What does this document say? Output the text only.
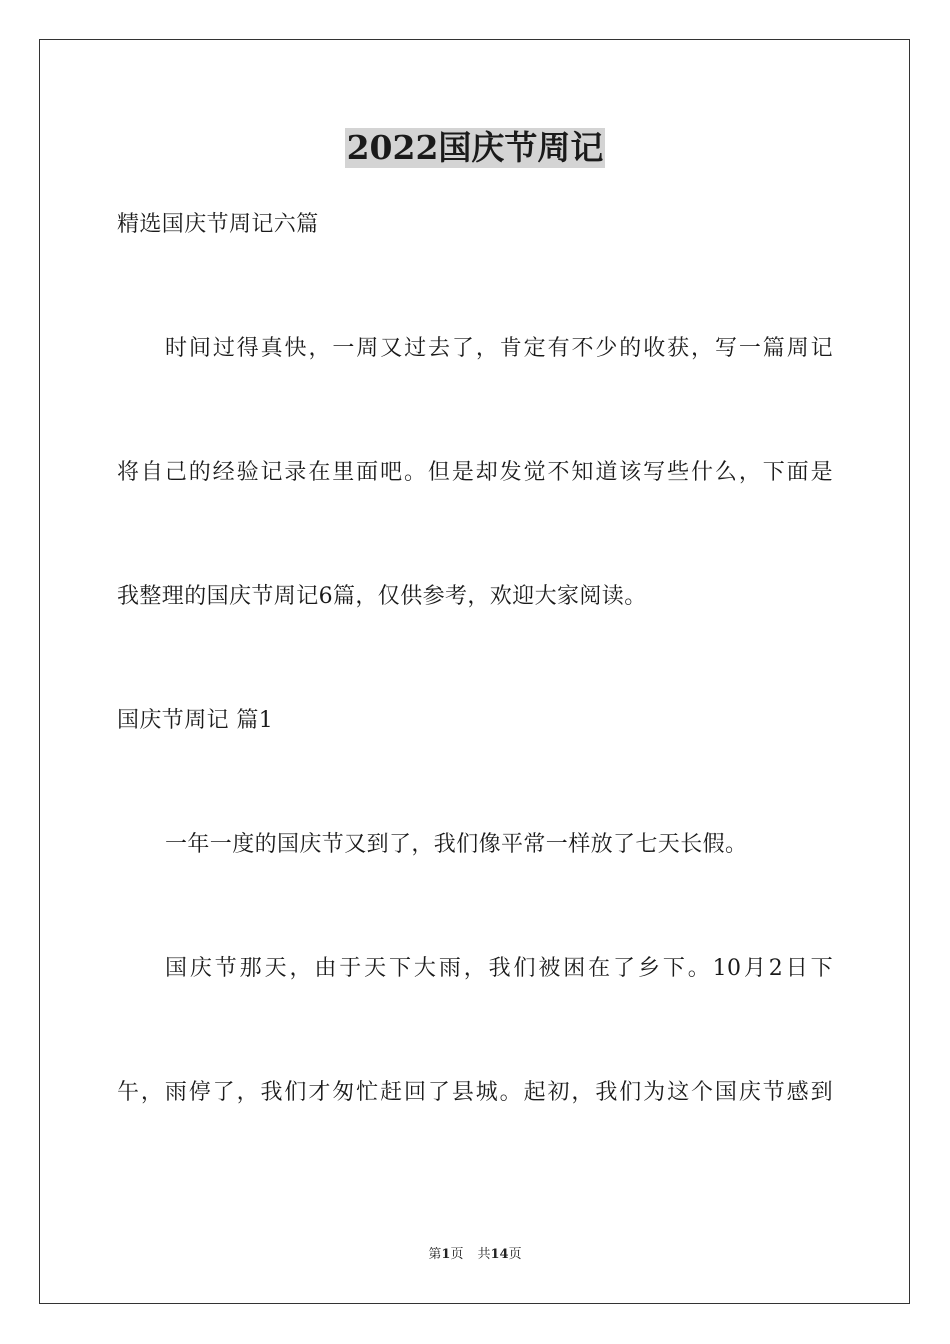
2022国庆节周记
精选国庆节周记六篇
时间过得真快，一周又过去了，肯定有不少的收获，写一篇周记
将自己的经验记录在里面吧。但是却发觉不知道该写些什么，下面是
我整理的国庆节周记6篇，仅供参考，欢迎大家阅读。
国庆节周记 篇1
一年一度的国庆节又到了，我们像平常一样放了七天长假。
国庆节那天，由于天下大雨，我们被困在了乡下。10月2日下
午，雨停了，我们才匆忙赶回了县城。起初，我们为这个国庆节感到
第1页 共14页
